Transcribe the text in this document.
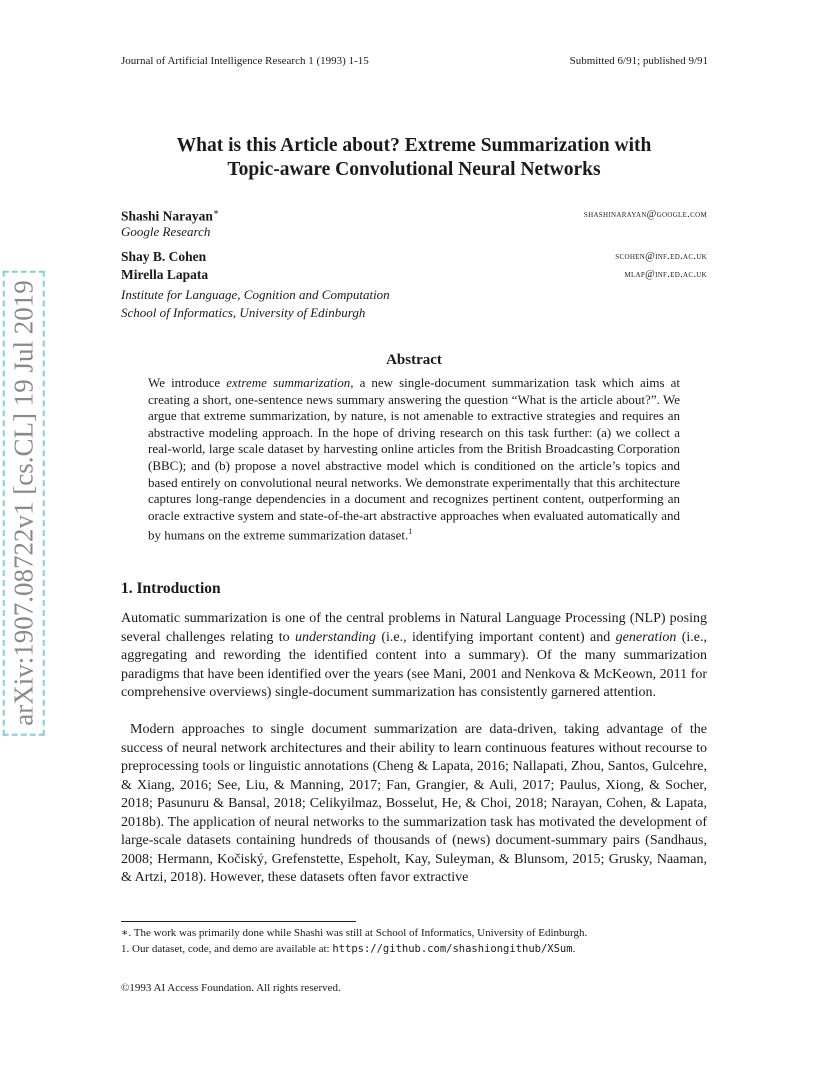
Journal of Artificial Intelligence Research 1 (1993) 1-15	Submitted 6/91; published 9/91
What is this Article about? Extreme Summarization with
Topic-aware Convolutional Neural Networks
Shashi Narayan∗	shashinarayan@google.com
Google Research
Shay B. Cohen	scohen@inf.ed.ac.uk
Mirella Lapata	mlap@inf.ed.ac.uk
Institute for Language, Cognition and Computation
School of Informatics, University of Edinburgh
Abstract
We introduce extreme summarization, a new single-document summarization task which aims at creating a short, one-sentence news summary answering the question “What is the article about?”. We argue that extreme summarization, by nature, is not amenable to extractive strategies and requires an abstractive modeling approach. In the hope of driving research on this task further: (a) we collect a real-world, large scale dataset by harvesting online articles from the British Broadcasting Corporation (BBC); and (b) propose a novel abstractive model which is conditioned on the article’s topics and based entirely on convolutional neural networks. We demonstrate experimentally that this architecture captures long-range dependencies in a document and recognizes pertinent content, outperforming an oracle extractive system and state-of-the-art abstractive approaches when evaluated automatically and by humans on the extreme summarization dataset.$^1$
1. Introduction
Automatic summarization is one of the central problems in Natural Language Processing (NLP) posing several challenges relating to understanding (i.e., identifying important content) and generation (i.e., aggregating and rewording the identified content into a summary). Of the many summarization paradigms that have been identified over the years (see Mani, 2001 and Nenkova & McKeown, 2011 for comprehensive overviews) single-document summarization has consistently garnered attention.
Modern approaches to single document summarization are data-driven, taking advantage of the success of neural network architectures and their ability to learn continuous features without recourse to preprocessing tools or linguistic annotations (Cheng & Lapata, 2016; Nallapati, Zhou, Santos, Gulcehre, & Xiang, 2016; See, Liu, & Manning, 2017; Fan, Grangier, & Auli, 2017; Paulus, Xiong, & Socher, 2018; Pasunuru & Bansal, 2018; Celikyilmaz, Bosselut, He, & Choi, 2018; Narayan, Cohen, & Lapata, 2018b). The application of neural networks to the summarization task has motivated the development of large-scale datasets containing hundreds of thousands of (news) document-summary pairs (Sandhaus, 2008; Hermann, Kočiský, Grefenstette, Espeholt, Kay, Suleyman, & Blunsom, 2015; Grusky, Naaman, & Artzi, 2018). However, these datasets often favor extractive
∗. The work was primarily done while Shashi was still at School of Informatics, University of Edinburgh.
1. Our dataset, code, and demo are available at: https://github.com/shashiongithub/XSum.
©1993 AI Access Foundation. All rights reserved.
arXiv:1907.08722v1 [cs.CL] 19 Jul 2019
